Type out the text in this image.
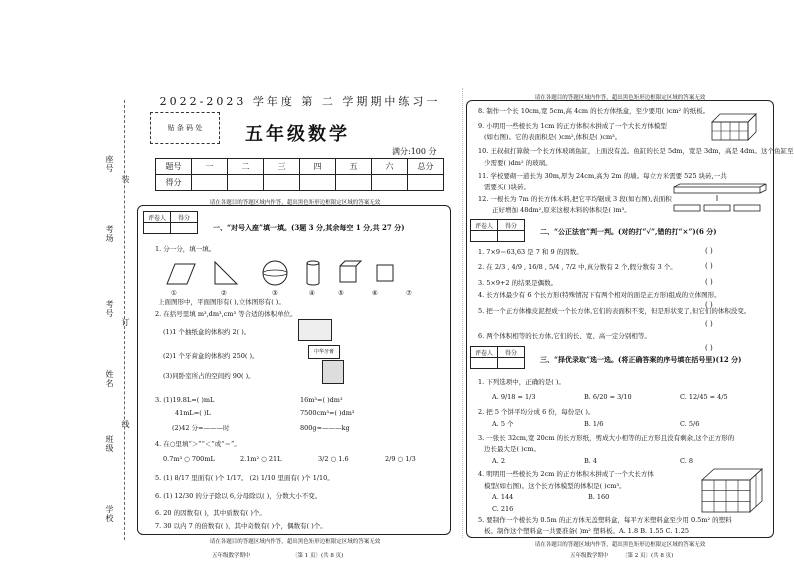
座号
考场
考号
姓名
班级
学校
装
订
线
2022-2023 学年度 第 二 学期期中练习一
贴 条 码 处	五年级数学
满分:100 分
题号	一	二	三	四	五	六	总分
得分							
请在各题目的答题区域内作答，超出黑色矩形边框限定区域的答案无效
评卷人	得分

一、“对号入座”填一填。(3题 3 分,其余每空 1 分,共 27 分)
1. 分一分，填一填。
①	②	③	④	⑤	⑥	⑦
上面图形中，平面图形有( ),立体图形有( )。
2. 在括号里填 m³,dm³,cm³ 等合适的体积单位。
(1)1 个抽纸盒的体积约 2( )。
(2)1 个牙膏盒的体积约 250( )。	中华牙膏
(3)同卧室所占的空间约 90( )。
3. (1)19.8L=( )mL	16m³=( )dm³
41mL=( )L	7500cm³=( )dm³
(2)42 分=———时	800g=———kg
4. 在○里填“＞”“＜”或“＝”。
0.7m³ ○ 700mL	2.1m² ○ 21L	3/2 ○ 1.6	2/9 ○ 1/3
5. (1) 8/17 里面有( )个 1/17。 (2) 1/10 里面有( )个 1/10。
6. (1) 12/30 的分子除以 6,分母除以( )，分数大小不变。
6. 20 的因数有( )，其中质数有( )个。
7. 30 以内 7 的倍数有( )，其中奇数有( )个，偶数有( )个。
请在各题目的答题区域内作答，超出黑色矩形边框限定区域的答案无效
五年级数学期中	〔第 1 页〕(共 8 页)
请在各题目的答题区域内作答，超出黑色矩形边框限定区域的答案无效
8. 制作一个长 10cm,宽 5cm,高 4cm 的长方体纸盒，至少要用( )cm² 的纸板。
9. 小明用一些棱长为 1cm 的正方体积木拼成了一个大长方体模型
(如右图)。它的表面积是( )cm²,体积是( )cm³。
10. 王叔叔打算做一个长方体玻璃鱼缸，上面没有盖。鱼缸的长是 5dm，宽是 3dm，高是 4dm。这个鱼缸至
少需要( )dm² 的玻璃。
11. 学校要砌一道长为 30m,厚为 24cm,高为 2m 的墙。每立方米需要 525 块砖,一共
需要买( )块砖。
12. 一根长为 7m 的长方体木料,把它平均锯成 3 段(如右图),表面积
正好增加 48dm²,原来这根木料的体积是( )m³。
评卷人	得分

二、“公正法官”判一判。(对的打“√”,错的打“×”)(6 分)
1. 7×9＝63,63 是 7 和 9 的因数。
2. 在 2/3 , 4/9 , 16/8 , 5/4 , 7/2 中,真分数有 2 个,假分数有 3 个。
3. 5×9+2 的结果是偶数。
4. 长方体最少有 6 个长方形(特殊情况下有两个相对的面是正方形)组成的立体图形。
5. 把一个正方体橡皮泥捏成一个长方体,它们的表面积不变，但是形状变了,但它们的体积没变。
6. 两个体积相等的长方体,它们的长、宽、高一定分别相等。
( )
( )
( )
( )
( )
( )
评卷人	得分

三、“择优录取”选一选。(将正确答案的序号填在括号里)(12 分)
1. 下列选项中，正确的是( )。
A. 9/18 = 1/3	B. 6/20 = 3/10	C. 12/45 = 4/5
2. 把 5 个饼平均分成 6 份，每份是( )。
A. 5 个	B. 1/6	C. 5/6
3. 一张长 32cm,宽 20cm 的长方形纸，剪成大小相等的正方形且没有剩余,这个正方形的
边长最大是( )cm。
A. 2	B. 4	C. 8
4. 明明用一些棱长为 2cm 的正方体积木拼成了一个大长方体
模型(如右图)。这个长方体模型的体积是( )cm³。
A. 144	B. 160
C. 216
5. 要制作一个棱长为 0.5m 的正方体无盖塑料盒，每平方米塑料盒至少用 0.5m² 的塑料
板。制作这个塑料盒一共要准备( )m² 塑料板。A. 1.8 B. 1.55 C. 1.25
请在各题目的答题区域内作答，超出黑色矩形边框限定区域的答案无效
五年级数学期中 〔第 2 页〕(共 8 页)
